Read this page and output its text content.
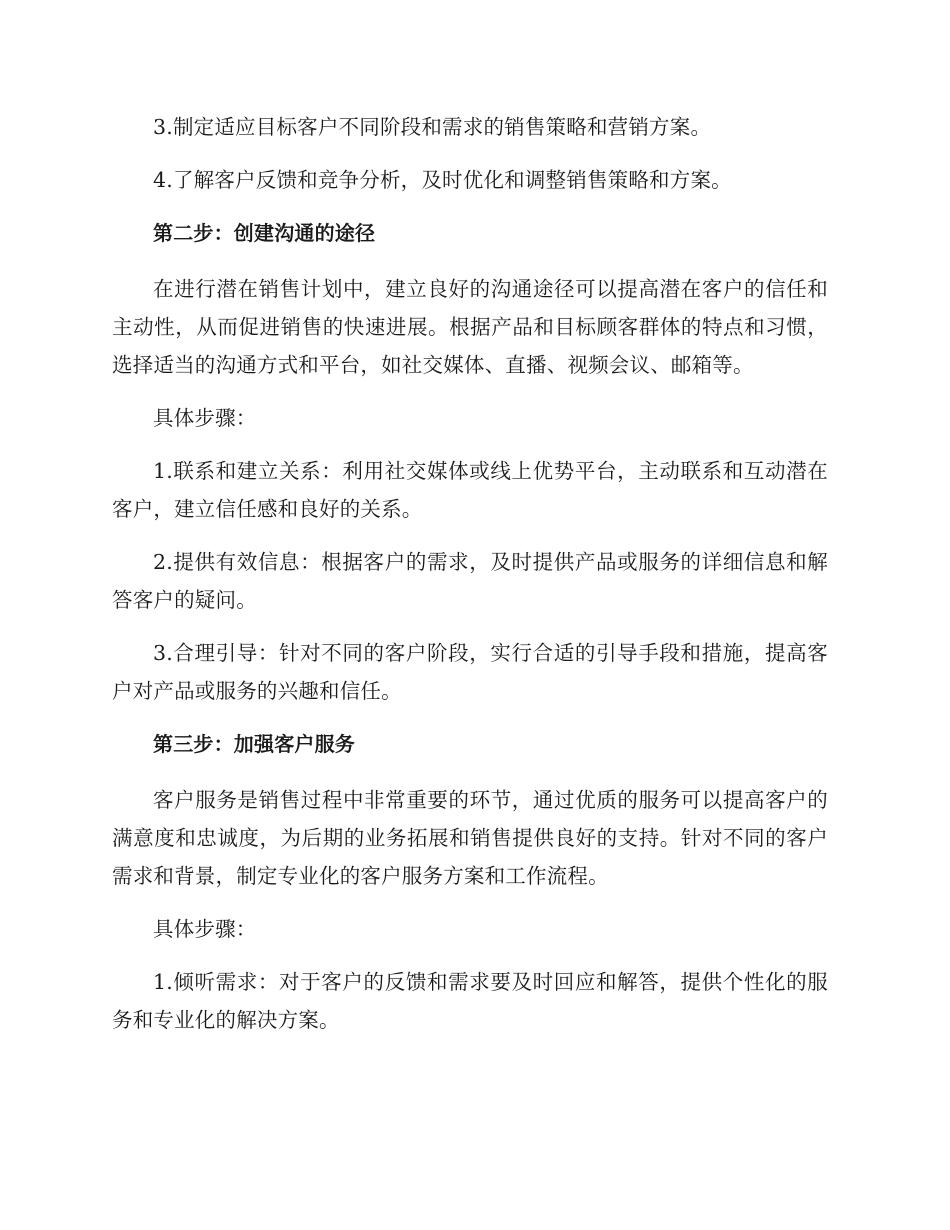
3.制定适应目标客户不同阶段和需求的销售策略和营销方案。

4.了解客户反馈和竞争分析，及时优化和调整销售策略和方案。

第二步：创建沟通的途径

在进行潜在销售计划中，建立良好的沟通途径可以提高潜在客户的信任和主动性，从而促进销售的快速进展。根据产品和目标顾客群体的特点和习惯，选择适当的沟通方式和平台，如社交媒体、直播、视频会议、邮箱等。

具体步骤：

1.联系和建立关系：利用社交媒体或线上优势平台，主动联系和互动潜在客户，建立信任感和良好的关系。

2.提供有效信息：根据客户的需求，及时提供产品或服务的详细信息和解答客户的疑问。

3.合理引导：针对不同的客户阶段，实行合适的引导手段和措施，提高客户对产品或服务的兴趣和信任。

第三步：加强客户服务

客户服务是销售过程中非常重要的环节，通过优质的服务可以提高客户的满意度和忠诚度，为后期的业务拓展和销售提供良好的支持。针对不同的客户需求和背景，制定专业化的客户服务方案和工作流程。

具体步骤：

1.倾听需求：对于客户的反馈和需求要及时回应和解答，提供个性化的服务和专业化的解决方案。
